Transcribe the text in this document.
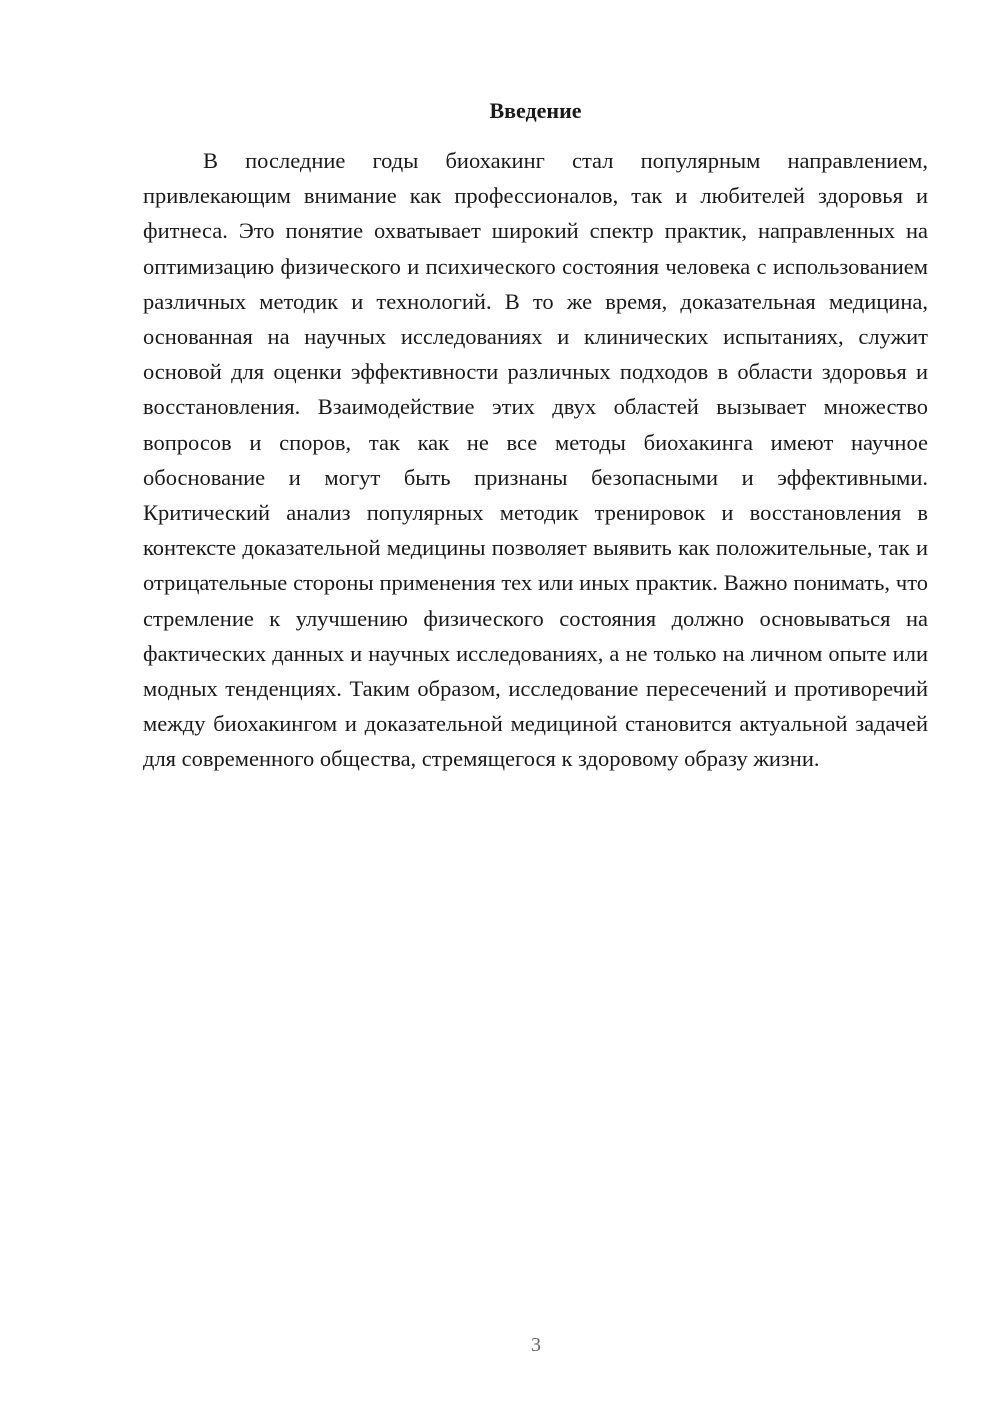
Введение

В последние годы биохакинг стал популярным направлением, привлекающим внимание как профессионалов, так и любителей здоровья и фитнеса. Это понятие охватывает широкий спектр практик, направленных на оптимизацию физического и психического состояния человека с использованием различных методик и технологий. В то же время, доказательная медицина, основанная на научных исследованиях и клинических испытаниях, служит основой для оценки эффективности различных подходов в области здоровья и восстановления. Взаимодействие этих двух областей вызывает множество вопросов и споров, так как не все методы биохакинга имеют научное обоснование и могут быть признаны безопасными и эффективными. Критический анализ популярных методик тренировок и восстановления в контексте доказательной медицины позволяет выявить как положительные, так и отрицательные стороны применения тех или иных практик. Важно понимать, что стремление к улучшению физического состояния должно основываться на фактических данных и научных исследованиях, а не только на личном опыте или модных тенденциях. Таким образом, исследование пересечений и противоречий между биохакингом и доказательной медициной становится актуальной задачей для современного общества, стремящегося к здоровому образу жизни.

3
